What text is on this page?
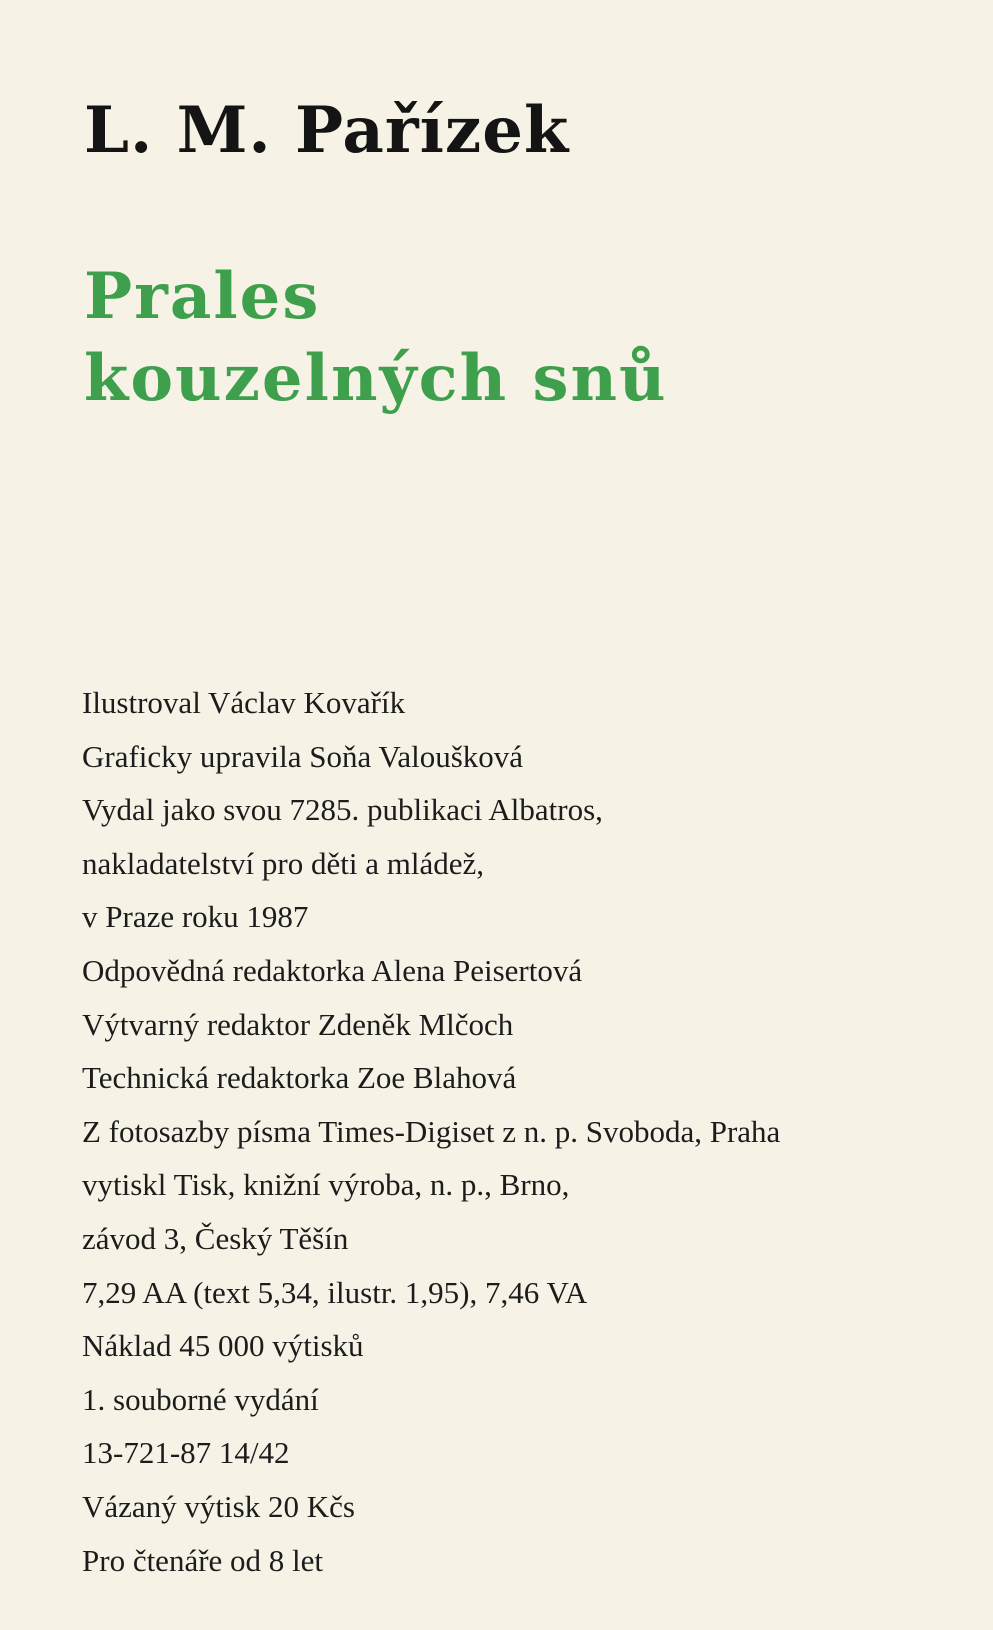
L. M. Pařízek
Prales
kouzelných snů
Ilustroval Václav Kovařík
Graficky upravila Soňa Valoušková
Vydal jako svou 7285. publikaci Albatros,
nakladatelství pro děti a mládež,
v Praze roku 1987
Odpovědná redaktorka Alena Peisertová
Výtvarný redaktor Zdeněk Mlčoch
Technická redaktorka Zoe Blahová
Z fotosazby písma Times-Digiset z n. p. Svoboda, Praha
vytiskl Tisk, knižní výroba, n. p., Brno,
závod 3, Český Těšín
7,29 AA (text 5,34, ilustr. 1,95), 7,46 VA
Náklad 45 000 výtisků
1. souborné vydání
13-721-87 14/42
Vázaný výtisk 20 Kčs
Pro čtenáře od 8 let
